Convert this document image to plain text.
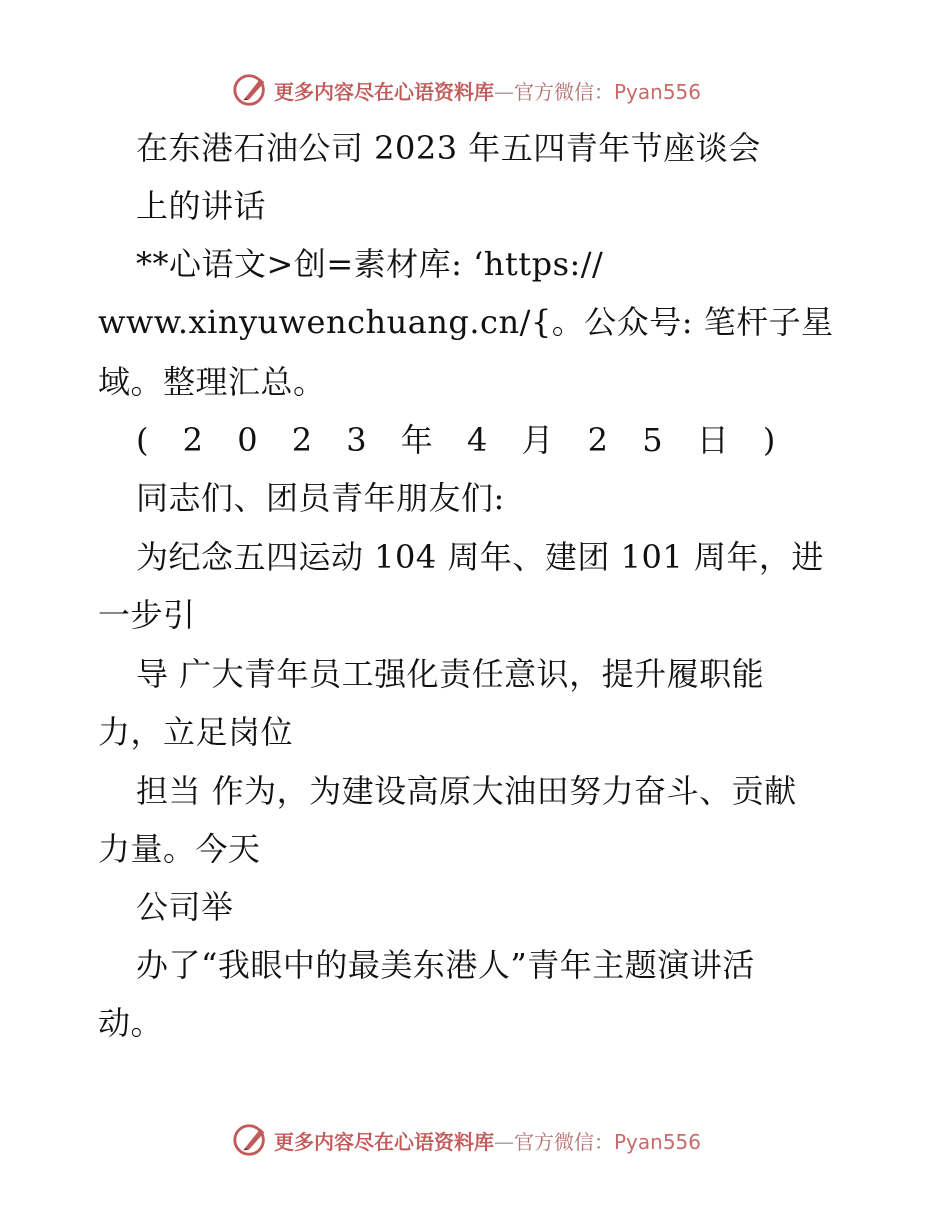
更多内容尽在心语资料库—官方微信：Pyan556
在东港石油公司 2023 年五四青年节座谈会
上的讲话
**心语文>创=素材库: ‘https://
www.xinyuwenchuang.cn/{。公众号: 笔杆子星
域。整理汇总。
( 2 0 2 3 年 4 月 2 5 日 )
同志们、团员青年朋友们:
为纪念五四运动 104 周年、建团 101 周年，进
一步引
导 广大青年员工强化责任意识，提升履职能
力，立足岗位
担当 作为，为建设高原大油田努力奋斗、贡献
力量。今天
公司举
办了“我眼中的最美东港人”青年主题演讲活
动。
更多内容尽在心语资料库—官方微信：Pyan556
